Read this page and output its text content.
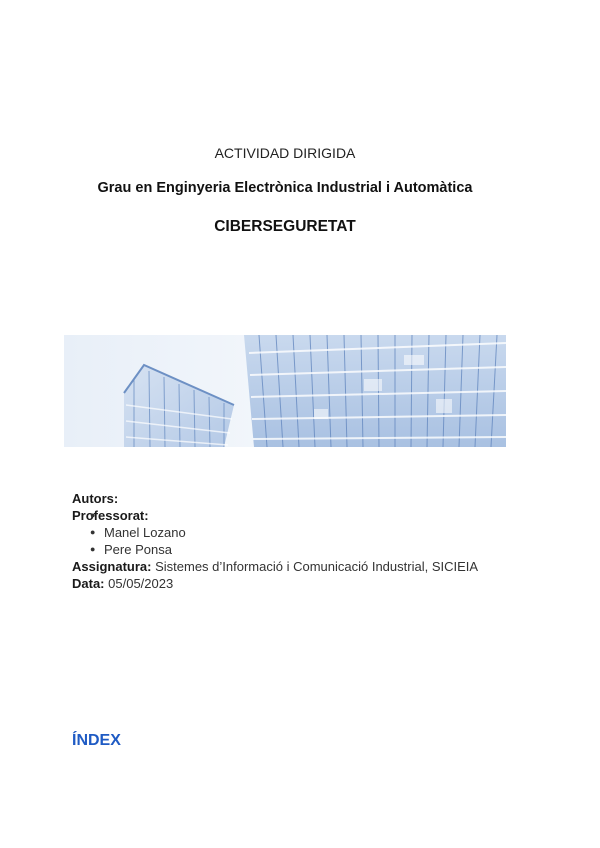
ACTIVIDAD DIRIGIDA
Grau en Enginyeria Electrònica Industrial i Automàtica
CIBERSEGURETAT
Autors:
Professorat:
● Manel Lozano
● Pere Ponsa
Assignatura: Sistemes d’Informació i Comunicació Industrial, SICIEIA
Data: 05/05/2023
ÍNDEX
